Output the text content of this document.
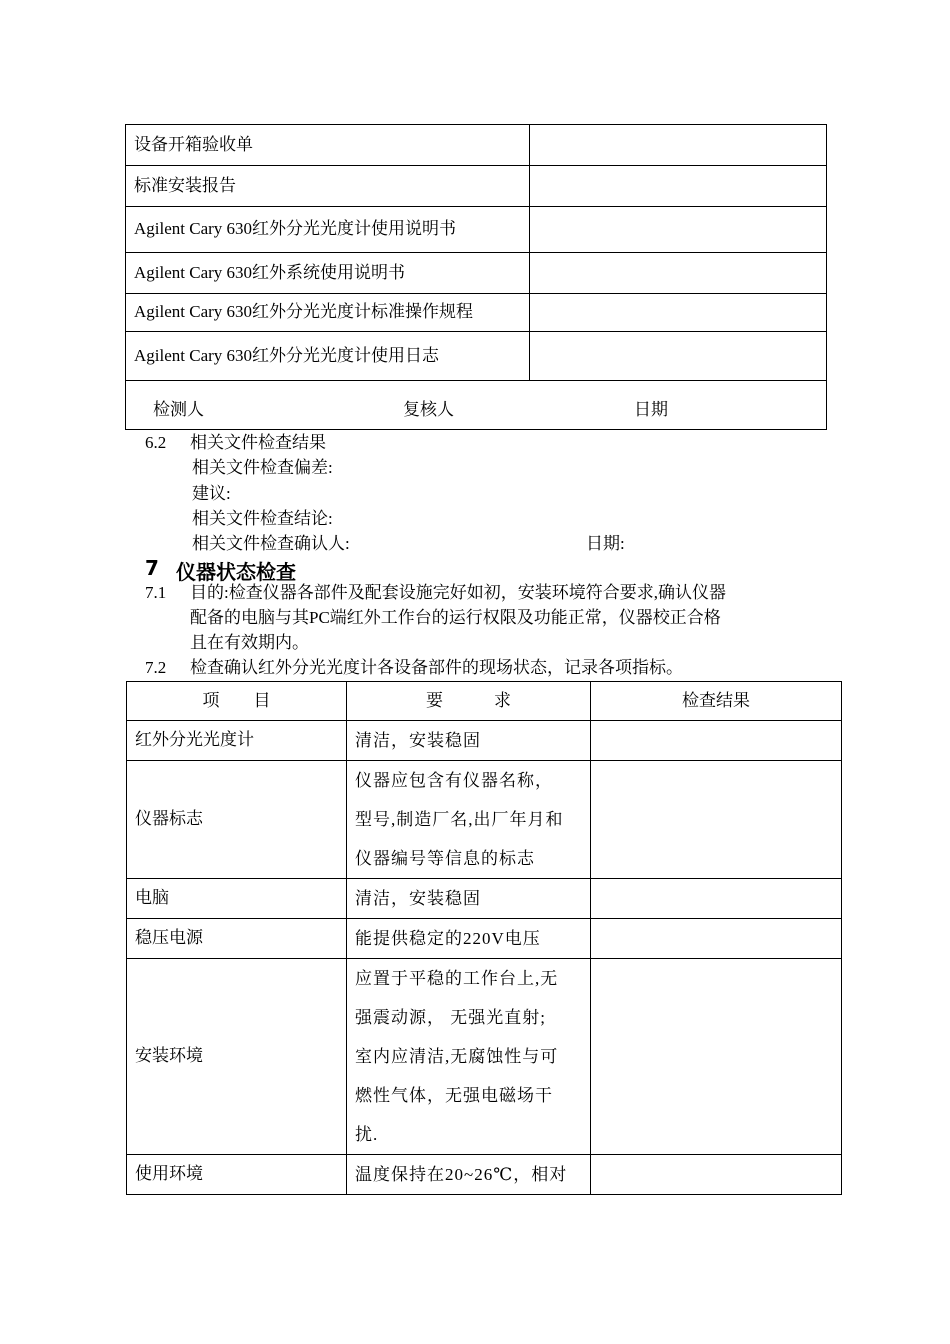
设备开箱验收单	
标准安装报告	
Agilent Cary 630红外分光光度计使用说明书	
Agilent Cary 630红外系统使用说明书	
Agilent Cary 630红外分光光度计标准操作规程	
Agilent Cary 630红外分光光度计使用日志	

检测人 复核人 日期	
6.2 相关文件检查结果
相关文件检查偏差:
建议:
相关文件检查结论:
相关文件检查确认人:	日期:
7 仪器状态检查
7.1 目的:检查仪器各部件及配套设施完好如初，安装环境符合要求,确认仪器
配备的电脑与其PC端红外工作台的运行权限及功能正常，仪器校正合格
且在有效期内。
7.2 检查确认红外分光光度计各设备部件的现场状态，记录各项指标。
项　　目	要　　　求	检查结果
红外分光光度计	清洁，安装稳固	

仪器标志	仪器应包含有仪器名称，
型号,制造厂名,出厂年月和
仪器编号等信息的标志	

电脑	清洁，安装稳固	

稳压电源	能提供稳定的220V电压	

安装环境	应置于平稳的工作台上,无
强震动源， 无强光直射;
室内应清洁,无腐蚀性与可
燃性气体，无强电磁场干
扰.	

使用环境	温度保持在20~26℃，相对	
